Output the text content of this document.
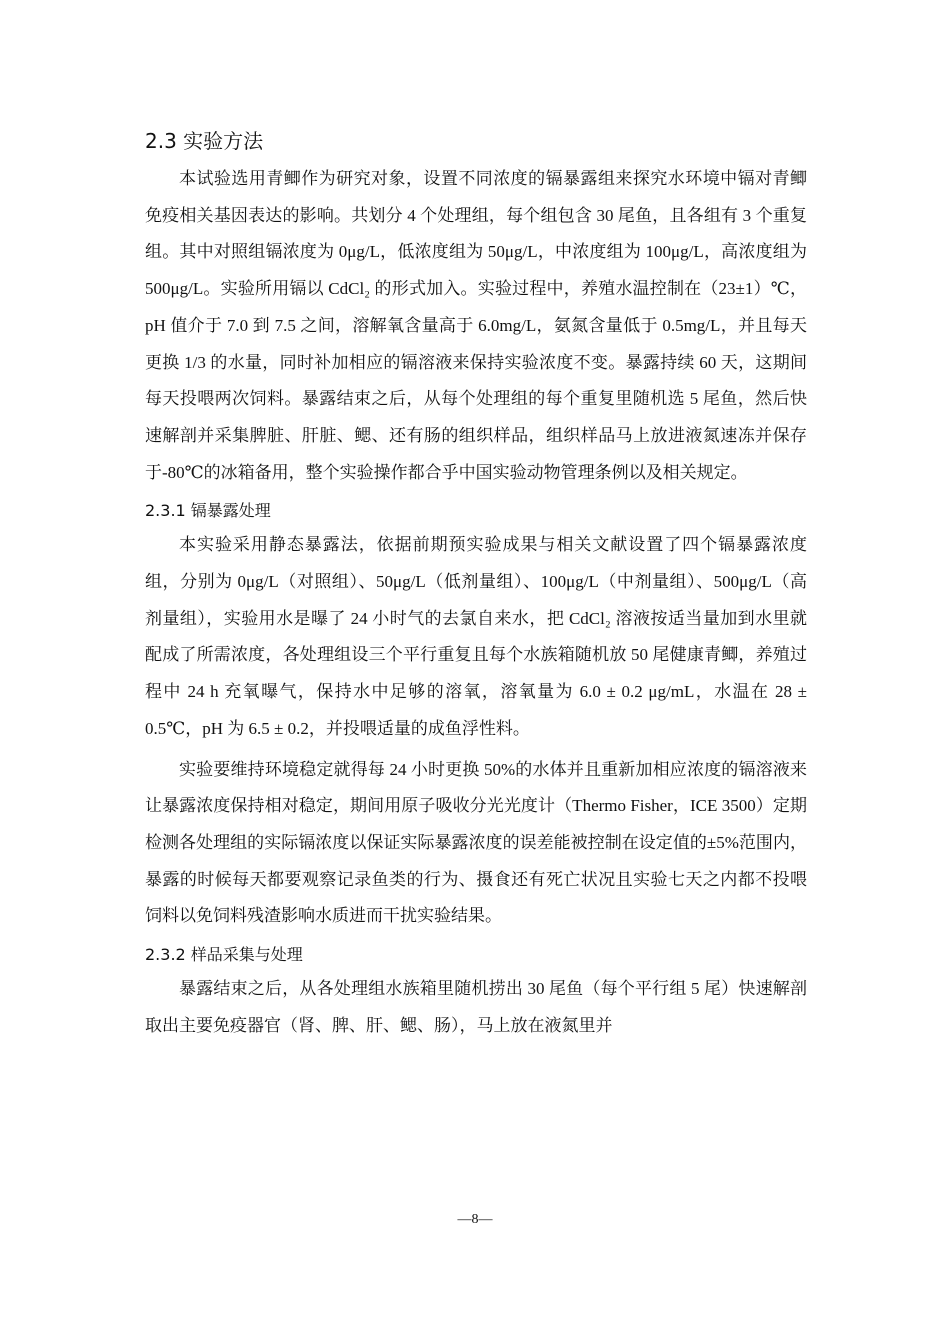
2.3 实验方法

本试验选用青鲫作为研究对象，设置不同浓度的镉暴露组来探究水环境中镉对青鲫免疫相关基因表达的影响。共划分 4 个处理组，每个组包含 30 尾鱼，且各组有 3 个重复组。其中对照组镉浓度为 0μg/L，低浓度组为 50μg/L，中浓度组为 100μg/L，高浓度组为 500μg/L。实验所用镉以 CdCl₂ 的形式加入。实验过程中，养殖水温控制在（23±1）℃，pH 值介于 7.0 到 7.5 之间，溶解氧含量高于 6.0mg/L，氨氮含量低于 0.5mg/L，并且每天更换 1/3 的水量，同时补加相应的镉溶液来保持实验浓度不变。暴露持续 60 天，这期间每天投喂两次饲料。暴露结束之后，从每个处理组的每个重复里随机选 5 尾鱼，然后快速解剖并采集脾脏、肝脏、鳃、还有肠的组织样品，组织样品马上放进液氮速冻并保存于-80℃的冰箱备用，整个实验操作都合乎中国实验动物管理条例以及相关规定。

2.3.1 镉暴露处理

本实验采用静态暴露法，依据前期预实验成果与相关文献设置了四个镉暴露浓度组，分别为 0μg/L（对照组）、50μg/L（低剂量组）、100μg/L（中剂量组）、500μg/L（高剂量组），实验用水是曝了 24 小时气的去氯自来水，把 CdCl₂ 溶液按适当量加到水里就配成了所需浓度，各处理组设三个平行重复且每个水族箱随机放 50 尾健康青鲫，养殖过程中 24 h 充氧曝气，保持水中足够的溶氧，溶氧量为 6.0 ± 0.2 μg/mL，水温在 28 ± 0.5℃，pH 为 6.5 ± 0.2，并投喂适量的成鱼浮性料。

实验要维持环境稳定就得每 24 小时更换 50%的水体并且重新加相应浓度的镉溶液来让暴露浓度保持相对稳定，期间用原子吸收分光光度计（Thermo Fisher，ICE 3500）定期检测各处理组的实际镉浓度以保证实际暴露浓度的误差能被控制在设定值的±5%范围内，暴露的时候每天都要观察记录鱼类的行为、摄食还有死亡状况且实验七天之内都不投喂饲料以免饲料残渣影响水质进而干扰实验结果。

2.3.2 样品采集与处理

暴露结束之后，从各处理组水族箱里随机捞出 30 尾鱼（每个平行组 5 尾）快速解剖取出主要免疫器官（肾、脾、肝、鳃、肠），马上放在液氮里并

—8—
